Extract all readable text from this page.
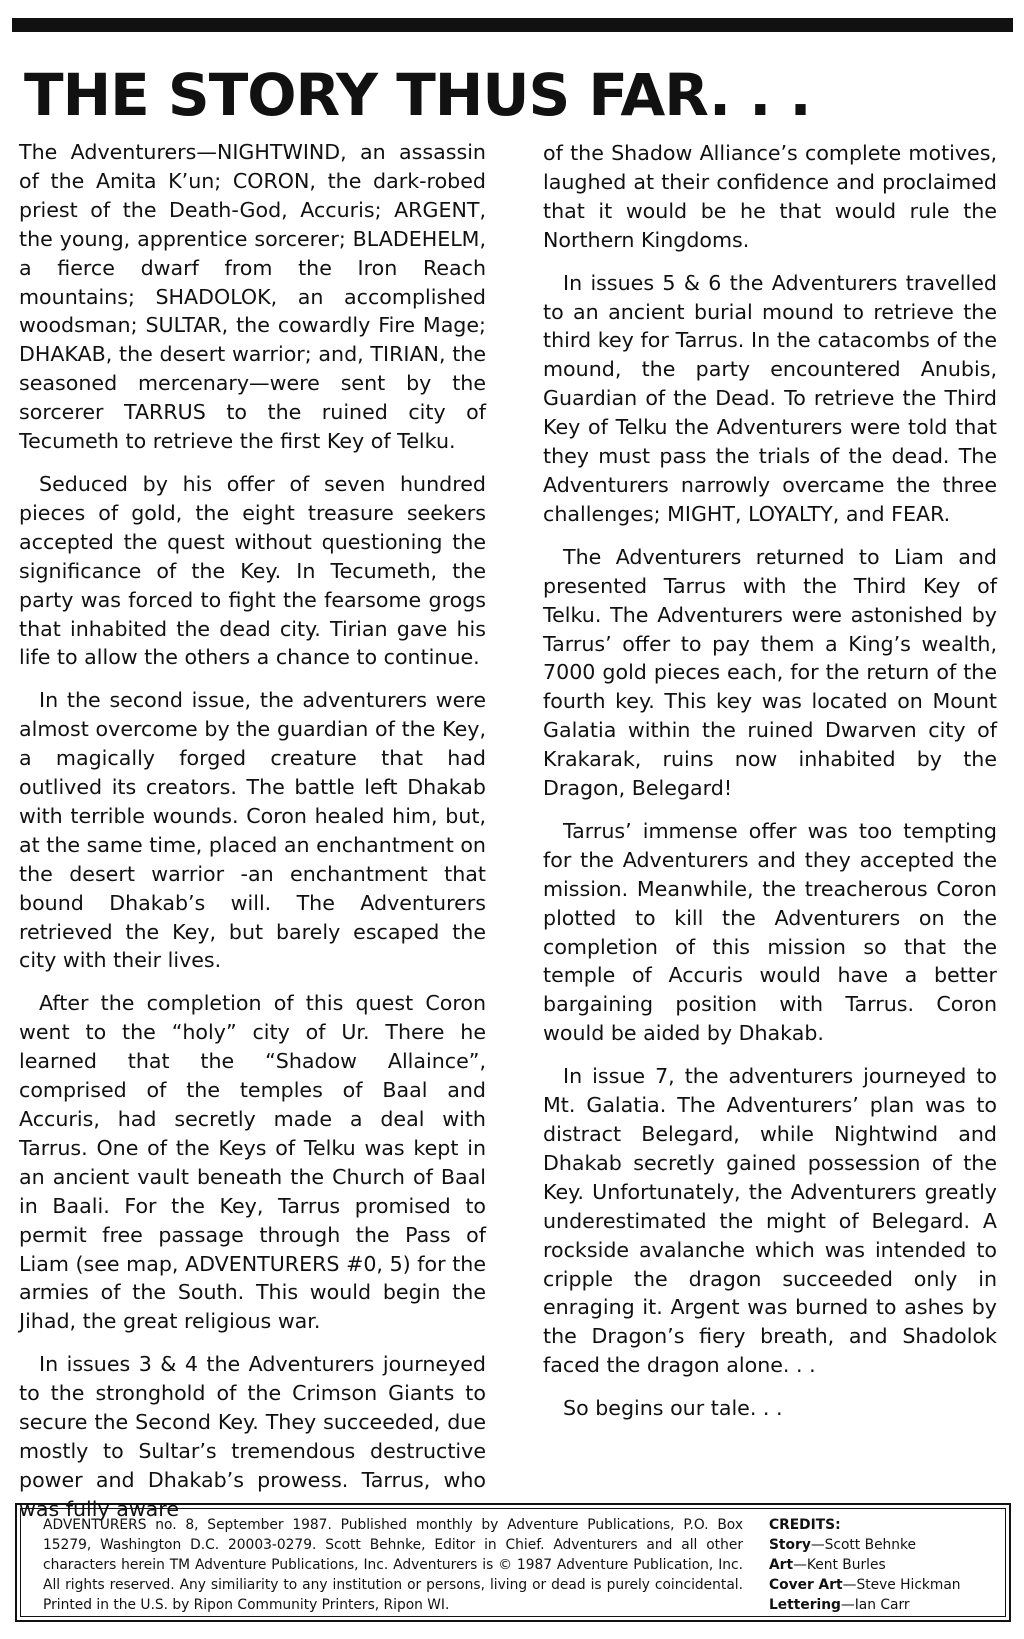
THE STORY THUS FAR. . .

The Adventurers—NIGHTWIND, an assassin of the Amita K’un; CORON, the dark-robed priest of the Death-God, Accuris; ARGENT, the young, apprentice sorcerer; BLADEHELM, a fierce dwarf from the Iron Reach mountains; SHADOLOK, an accomplished woodsman; SULTAR, the cowardly Fire Mage; DHAKAB, the desert warrior; and, TIRIAN, the seasoned mercenary—were sent by the sorcerer TARRUS to the ruined city of Tecumeth to retrieve the first Key of Telku.

Seduced by his offer of seven hundred pieces of gold, the eight treasure seekers accepted the quest without questioning the significance of the Key. In Tecumeth, the party was forced to fight the fearsome grogs that inhabited the dead city. Tirian gave his life to allow the others a chance to continue.

In the second issue, the adventurers were almost overcome by the guardian of the Key, a magically forged creature that had outlived its creators. The battle left Dhakab with terrible wounds. Coron healed him, but, at the same time, placed an enchantment on the desert warrior -an enchantment that bound Dhakab’s will. The Adventurers retrieved the Key, but barely escaped the city with their lives.

After the completion of this quest Coron went to the “holy” city of Ur. There he learned that the “Shadow Allaince”, comprised of the temples of Baal and Accuris, had secretly made a deal with Tarrus. One of the Keys of Telku was kept in an ancient vault beneath the Church of Baal in Baali. For the Key, Tarrus promised to permit free passage through the Pass of Liam (see map, ADVENTURERS #0, 5) for the armies of the South. This would begin the Jihad, the great religious war.

In issues 3 & 4 the Adventurers journeyed to the stronghold of the Crimson Giants to secure the Second Key. They succeeded, due mostly to Sultar’s tremendous destructive power and Dhakab’s prowess. Tarrus, who was fully aware

of the Shadow Alliance’s complete motives, laughed at their confidence and proclaimed that it would be he that would rule the Northern Kingdoms.

In issues 5 & 6 the Adventurers travelled to an ancient burial mound to retrieve the third key for Tarrus. In the catacombs of the mound, the party encountered Anubis, Guardian of the Dead. To retrieve the Third Key of Telku the Adventurers were told that they must pass the trials of the dead. The Adventurers narrowly overcame the three challenges; MIGHT, LOYALTY, and FEAR.

The Adventurers returned to Liam and presented Tarrus with the Third Key of Telku. The Adventurers were astonished by Tarrus’ offer to pay them a King’s wealth, 7000 gold pieces each, for the return of the fourth key. This key was located on Mount Galatia within the ruined Dwarven city of Krakarak, ruins now inhabited by the Dragon, Belegard!

Tarrus’ immense offer was too tempting for the Adventurers and they accepted the mission. Meanwhile, the treacherous Coron plotted to kill the Adventurers on the completion of this mission so that the temple of Accuris would have a better bargaining position with Tarrus. Coron would be aided by Dhakab.

In issue 7, the adventurers journeyed to Mt. Galatia. The Adventurers’ plan was to distract Belegard, while Nightwind and Dhakab secretly gained possession of the Key. Unfortunately, the Adventurers greatly underestimated the might of Belegard. A rockside avalanche which was intended to cripple the dragon succeeded only in enraging it. Argent was burned to ashes by the Dragon’s fiery breath, and Shadolok faced the dragon alone. . .

So begins our tale. . .

ADVENTURERS no. 8, September 1987. Published monthly by Adventure Publications, P.O. Box 15279, Washington D.C. 20003-0279. Scott Behnke, Editor in Chief. Adventurers and all other characters herein TM Adventure Publications, Inc. Adventurers is © 1987 Adventure Publication, Inc. All rights reserved. Any similiarity to any institution or persons, living or dead is purely coincidental. Printed in the U.S. by Ripon Community Printers, Ripon WI.
CREDITS:
Story—Scott Behnke
Art—Kent Burles
Cover Art—Steve Hickman
Lettering—Ian Carr
